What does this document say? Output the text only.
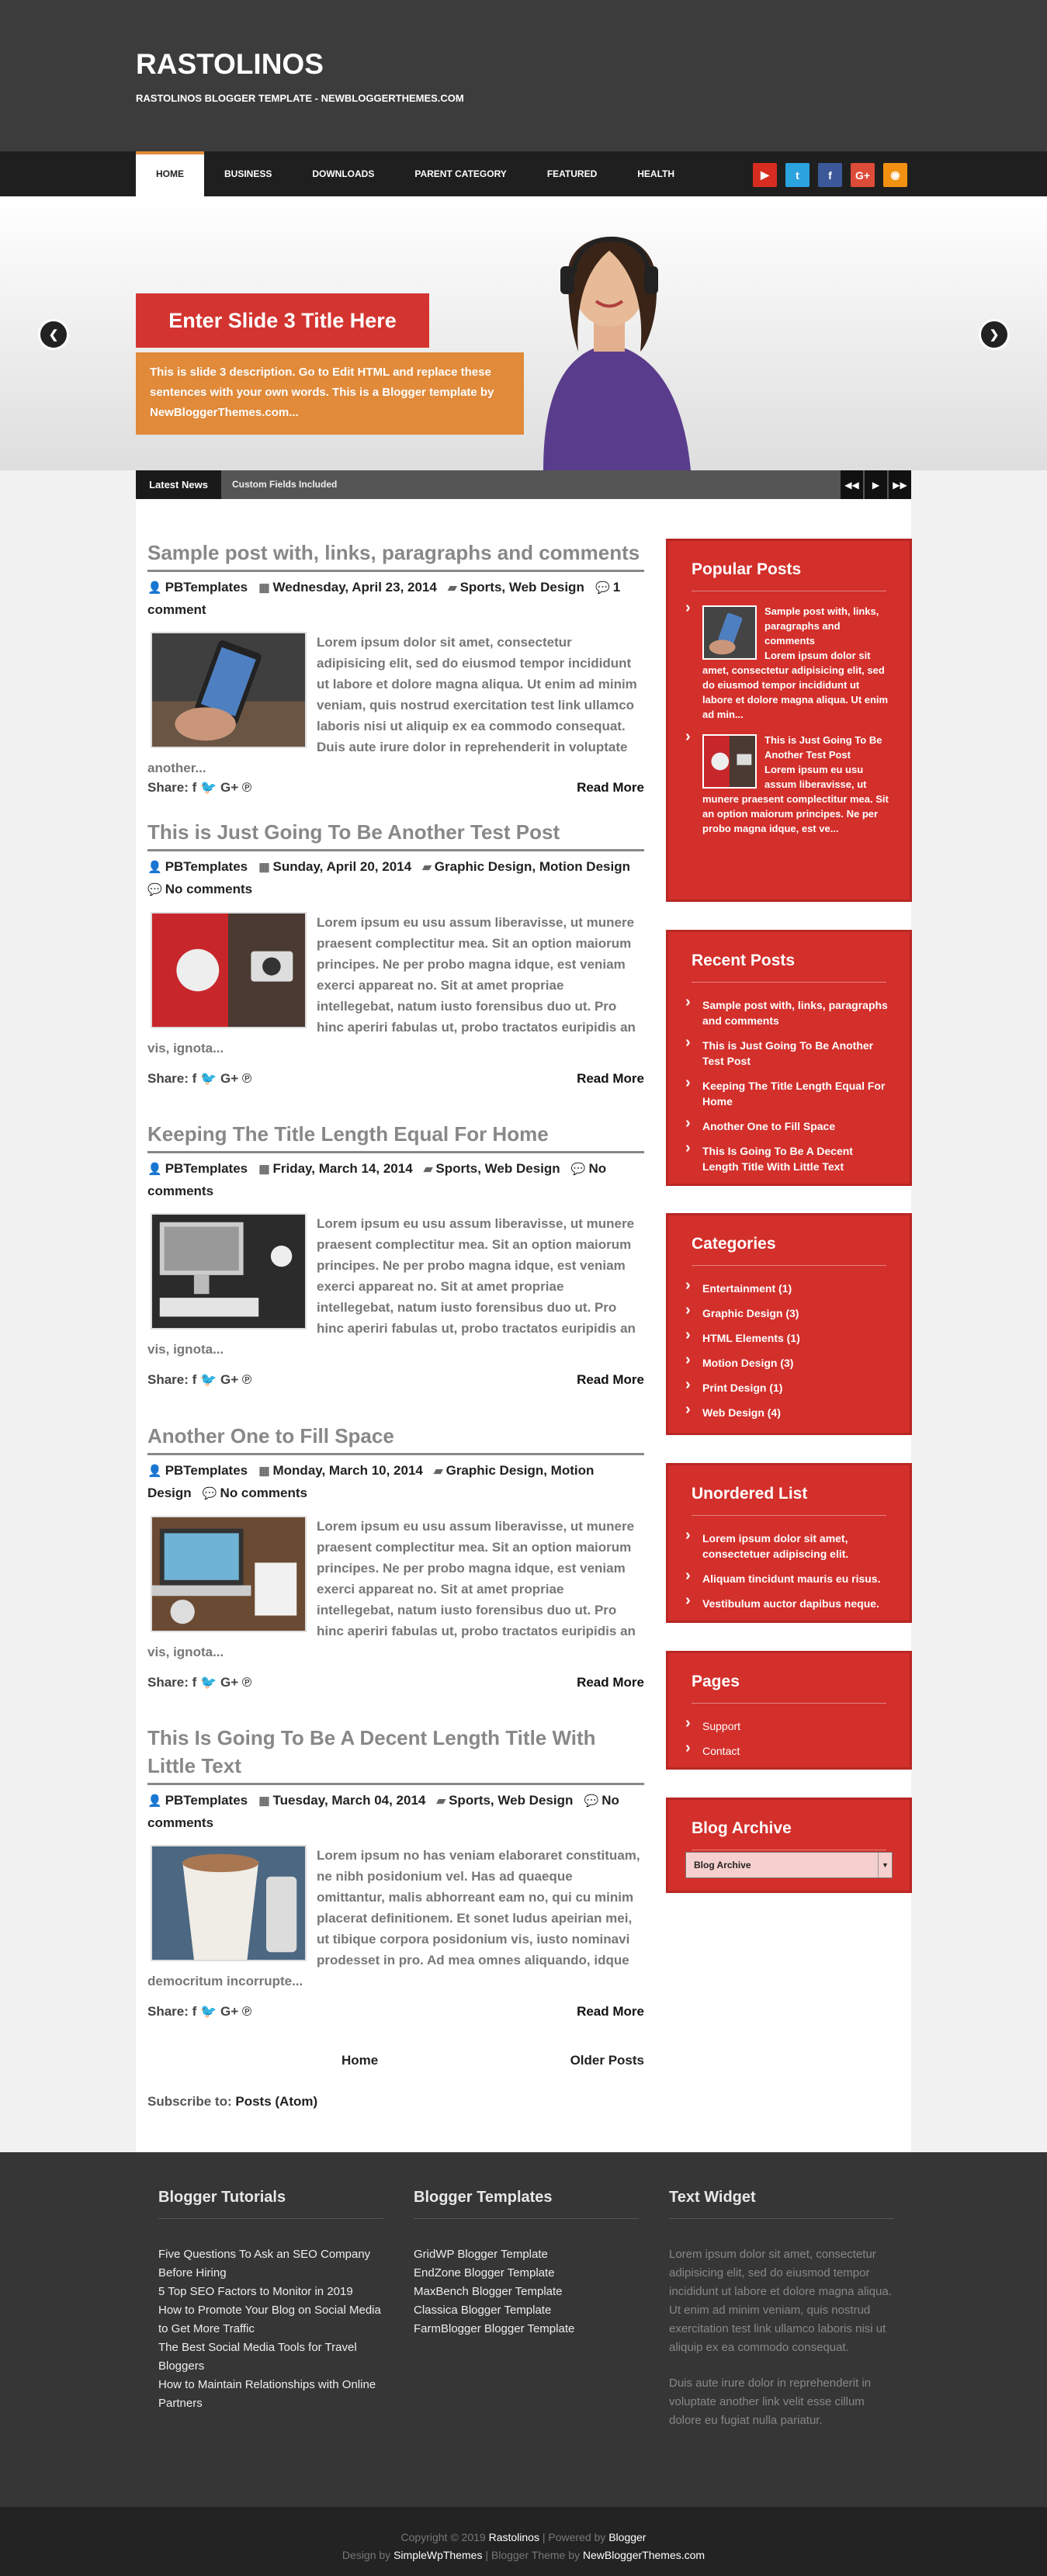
RASTOLINOS
RASTOLINOS BLOGGER TEMPLATE - NEWBLOGGERTHEMES.COM
HOME	BUSINESS	DOWNLOADS	PARENT CATEGORY	FEATURED	HEALTH	▶	t	f	G+	◉
❮	❯
Enter Slide 3 Title Here
This is slide 3 description. Go to Edit HTML and replace these sentences with your own words. This is a Blogger template by NewBloggerThemes.com...
Latest News	Custom Fields Included	◀◀	▶	▶▶
Sample post with, links, paragraphs and comments
👤 PBTemplates ▦ Wednesday, April 23, 2014 ▰ Sports, Web Design 💬 1 comment
Lorem ipsum dolor sit amet, consectetur adipisicing elit, sed do eiusmod tempor incididunt ut labore et dolore magna aliqua. Ut enim ad minim veniam, quis nostrud exercitation test link ullamco laboris nisi ut aliquip ex ea commodo consequat. Duis aute irure dolor in reprehenderit in voluptate another...
Share: f 🐦 G+ ℗	Read More
This is Just Going To Be Another Test Post
👤 PBTemplates ▦ Sunday, April 20, 2014 ▰ Graphic Design, Motion Design   💬 No comments
Lorem ipsum eu usu assum liberavisse, ut munere praesent complectitur mea. Sit an option maiorum principes. Ne per probo magna idque, est veniam exerci appareat no. Sit at amet propriae intellegebat, natum iusto forensibus duo ut. Pro hinc aperiri fabulas ut, probo tractatos euripidis an vis, ignota...
Share: f 🐦 G+ ℗	Read More
Keeping The Title Length Equal For Home
👤 PBTemplates ▦ Friday, March 14, 2014 ▰ Sports, Web Design 💬 No comments
Lorem ipsum eu usu assum liberavisse, ut munere praesent complectitur mea. Sit an option maiorum principes. Ne per probo magna idque, est veniam exerci appareat no. Sit at amet propriae intellegebat, natum iusto forensibus duo ut. Pro hinc aperiri fabulas ut, probo tractatos euripidis an vis, ignota...
Share: f 🐦 G+ ℗	Read More
Another One to Fill Space
👤 PBTemplates ▦ Monday, March 10, 2014 ▰ Graphic Design, Motion Design 💬 No comments
Lorem ipsum eu usu assum liberavisse, ut munere praesent complectitur mea. Sit an option maiorum principes. Ne per probo magna idque, est veniam exerci appareat no. Sit at amet propriae intellegebat, natum iusto forensibus duo ut. Pro hinc aperiri fabulas ut, probo tractatos euripidis an vis, ignota...
Share: f 🐦 G+ ℗	Read More
This Is Going To Be A Decent Length Title With Little Text
👤 PBTemplates ▦ Tuesday, March 04, 2014 ▰ Sports, Web Design 💬 No comments
Lorem ipsum no has veniam elaboraret constituam, ne nibh posidonium vel. Has ad quaeque omittantur, malis abhorreant eam no, qui cu minim placerat definitionem. Et sonet ludus apeirian mei, ut tibique corpora posidonium vis, iusto nominavi prodesset in pro. Ad mea omnes aliquando, idque democritum incorrupte...
Share: f 🐦 G+ ℗	Read More
Home	Older Posts
Subscribe to: Posts (Atom)
Popular Posts
› Sample post with, links, paragraphs and comments
Lorem ipsum dolor sit amet, consectetur adipisicing elit, sed do eiusmod tempor incididunt ut labore et dolore magna aliqua. Ut enim ad min...
› This is Just Going To Be Another Test Post
Lorem ipsum eu usu assum liberavisse, ut munere praesent complectitur mea. Sit an option maiorum principes. Ne per probo magna idque, est ve...
Recent Posts
› Sample post with, links, paragraphs and comments
› This is Just Going To Be Another Test Post
› Keeping The Title Length Equal For Home
› Another One to Fill Space
› This Is Going To Be A Decent Length Title With Little Text
Categories
› Entertainment (1)
› Graphic Design (3)
› HTML Elements (1)
› Motion Design (3)
› Print Design (1)
› Web Design (4)
Unordered List
› Lorem ipsum dolor sit amet, consectetuer adipiscing elit.
› Aliquam tincidunt mauris eu risus.
› Vestibulum auctor dapibus neque.
Pages
› Support
› Contact
Blog Archive
Blog Archive	▼
Blogger Tutorials
Five Questions To Ask an SEO Company Before Hiring
5 Top SEO Factors to Monitor in 2019
How to Promote Your Blog on Social Media to Get More Traffic
The Best Social Media Tools for Travel Bloggers
How to Maintain Relationships with Online Partners
Blogger Templates
GridWP Blogger Template
EndZone Blogger Template
MaxBench Blogger Template
Classica Blogger Template
FarmBlogger Blogger Template
Text Widget
Lorem ipsum dolor sit amet, consectetur adipisicing elit, sed do eiusmod tempor incididunt ut labore et dolore magna aliqua. Ut enim ad minim veniam, quis nostrud exercitation test link ullamco laboris nisi ut aliquip ex ea commodo consequat.
Duis aute irure dolor in reprehenderit in voluptate another link velit esse cillum dolore eu fugiat nulla pariatur.
Copyright © 2019 Rastolinos | Powered by Blogger
Design by SimpleWpThemes | Blogger Theme by NewBloggerThemes.com
